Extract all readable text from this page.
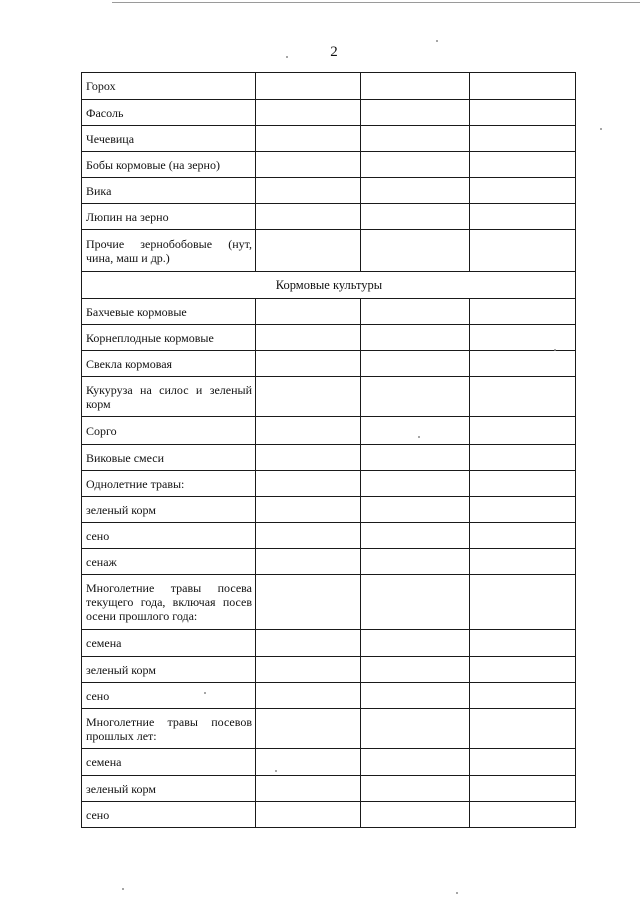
2
Горох			
Фасоль			
Чечевица			
Бобы кормовые (на зерно)			
Вика			
Люпин на зерно			
Прочие зернобобовые (нут, чина, маш и др.)			
Кормовые культуры			
Бахчевые кормовые			
Корнеплодные кормовые			
Свекла кормовая			
Кукуруза на силос и зеленый корм			
Сорго			
Виковые смеси			
Однолетние травы:			
зеленый корм			
сено			
сенаж			
Многолетние травы посева текущего года, включая посев осени прошлого года:			
семена			
зеленый корм			
сено			
Многолетние травы посевов прошлых лет:			
семена			
зеленый корм			
сено			
